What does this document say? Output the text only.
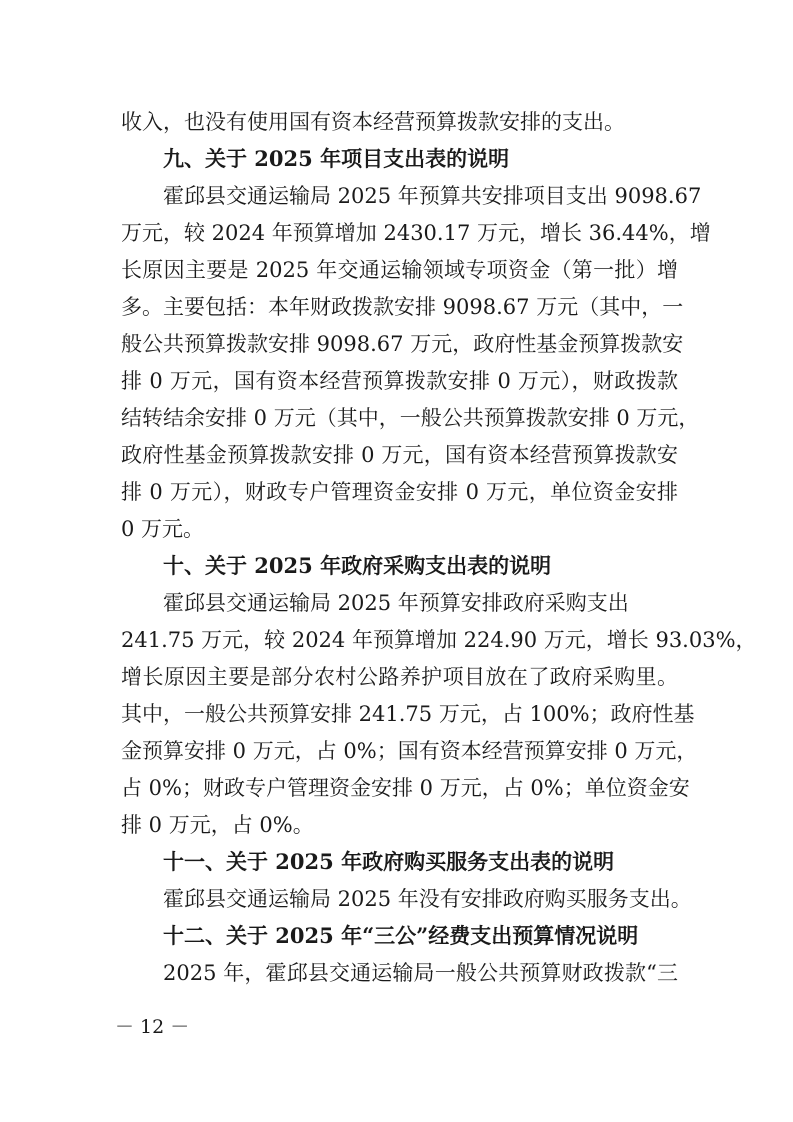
收入，也没有使用国有资本经营预算拨款安排的支出。
九、关于 2025 年项目支出表的说明
霍邱县交通运输局 2025 年预算共安排项目支出 9098.67
万元，较 2024 年预算增加 2430.17 万元，增长 36.44%，增
长原因主要是 2025 年交通运输领域专项资金（第一批）增
多。主要包括：本年财政拨款安排 9098.67 万元（其中，一
般公共预算拨款安排 9098.67 万元，政府性基金预算拨款安
排 0 万元，国有资本经营预算拨款安排 0 万元），财政拨款
结转结余安排 0 万元（其中，一般公共预算拨款安排 0 万元，
政府性基金预算拨款安排 0 万元，国有资本经营预算拨款安
排 0 万元），财政专户管理资金安排 0 万元，单位资金安排
0 万元。
十、关于 2025 年政府采购支出表的说明
霍邱县交通运输局 2025 年预算安排政府采购支出
241.75 万元，较 2024 年预算增加 224.90 万元，增长 93.03%，
增长原因主要是部分农村公路养护项目放在了政府采购里。
其中，一般公共预算安排 241.75 万元，占 100%；政府性基
金预算安排 0 万元，占 0%；国有资本经营预算安排 0 万元，
占 0%；财政专户管理资金安排 0 万元，占 0%；单位资金安
排 0 万元，占 0%。
十一、关于 2025 年政府购买服务支出表的说明
霍邱县交通运输局 2025 年没有安排政府购买服务支出。
十二、关于 2025 年“三公”经费支出预算情况说明
2025 年，霍邱县交通运输局一般公共预算财政拨款“三
－ 12 －
